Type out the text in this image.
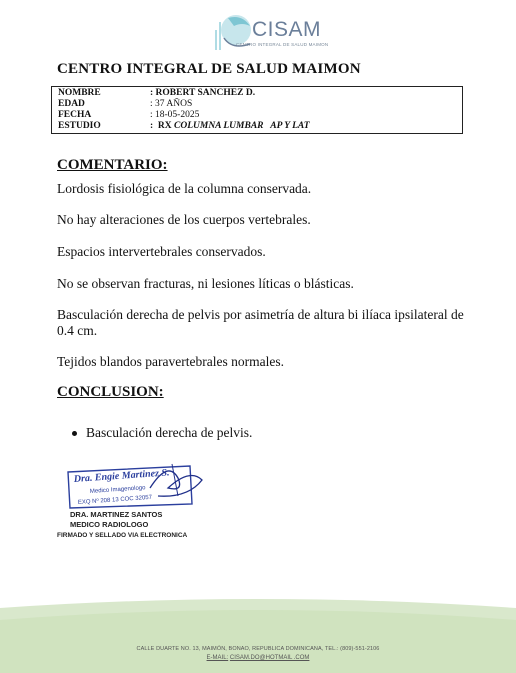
CISAM
CENTRO INTEGRAL DE SALUD MAIMON
CENTRO INTEGRAL DE SALUD MAIMON
NOMBRE	: ROBERT SANCHEZ D.
EDAD	: 37 AÑOS
FECHA	: 18-05-2025
ESTUDIO	:  RX COLUMNA LUMBAR   AP Y LAT
COMENTARIO:
Lordosis fisiológica de la columna conservada.
No hay alteraciones de los cuerpos vertebrales.
Espacios intervertebrales conservados.
No se observan fracturas, ni lesiones líticas o blásticas.
Basculación derecha de pelvis por asimetría de altura bi ilíaca ipsilateral de 0.4 cm.
Tejidos blandos paravertebrales normales.
CONCLUSION:
Basculación derecha de pelvis.
Dra. Engie Martinez S.
Medico Imagenologo
EXQ Nº 208 13 COC 32057
DRA. MARTINEZ SANTOS
MEDICO RADIOLOGO
FIRMADO Y SELLADO VIA ELECTRONICA
CALLE DUARTE NO. 13, MAIMÓN, BONAO, REPUBLICA DOMINICANA, TEL.: (809)-551-2106
E-MAIL: CISAM.DO@HOTMAIL .COM
